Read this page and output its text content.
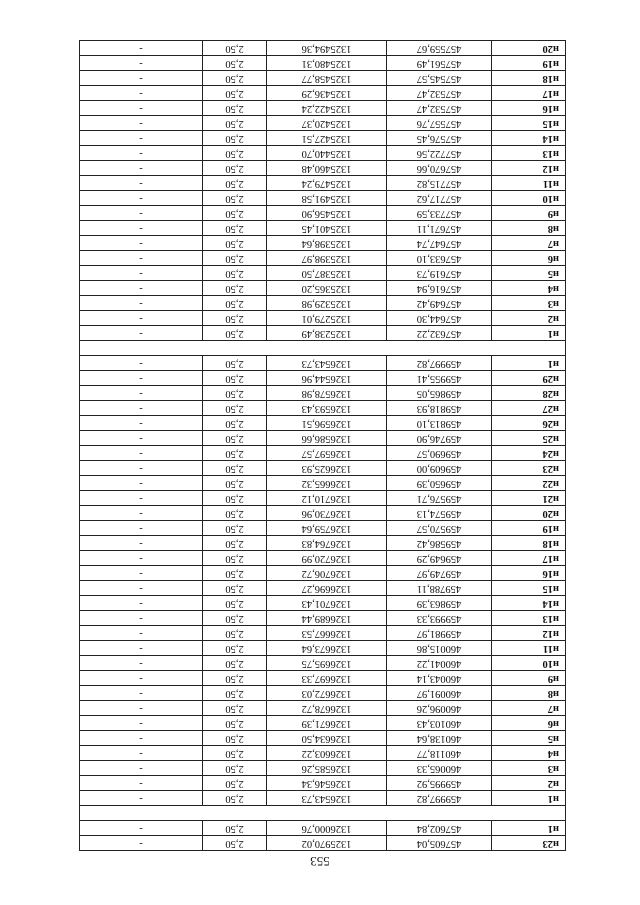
553
н23	457605,04	1325970,02	2,50	-
н1	457602,84	1326000,76	2,50	-

н1	459997,82	1326543,73	2,50	-
н2	459995,92	1326546,34	2,50	-
н3	460065,33	1326585,26	2,50	-
н4	460118,77	1326603,22	2,50	-
н5	460138,64	1326634,50	2,50	-
н6	460103,43	1326671,39	2,50	-
н7	460096,26	1326678,72	2,50	-
н8	460091,97	1326672,03	2,50	-
н9	460043,14	1326697,33	2,50	-
н10	460041,22	1326695,75	2,50	-
н11	460015,86	1326673,64	2,50	-
н12	459981,97	1326667,53	2,50	-
н13	459993,33	1326689,44	2,50	-
н14	459863,39	1326701,43	2,50	-
н15	459788,11	1326696,27	2,50	-
н16	459749,97	1326706,72	2,50	-
н17	459649,29	1326720,99	2,50	-
н18	459586,42	1326764,83	2,50	-
н19	459570,57	1326759,64	2,50	-
н20	459574,13	1326730,96	2,50	-
н21	459576,71	1326710,12	2,50	-
н22	459650,39	1326665,32	2,50	-
н23	459609,00	1326625,93	2,50	-
н24	459690,57	1326597,57	2,50	-
н25	459746,90	1326586,66	2,50	-
н26	459813,10	1326596,51	2,50	-
н27	459818,93	1326593,43	2,50	-
н28	459865,05	1326578,98	2,50	-
н29	459955,41	1326544,96	2,50	-
н1	459997,82	1326543,73	2,50	-

н1	457632,22	1325238,49	2,50	-
н2	457644,30	1325279,01	2,50	-
н3	457649,42	1325329,98	2,50	-
н4	457616,94	1325365,20	2,50	-
н5	457619,73	1325387,50	2,50	-
н6	457633,10	1325398,97	2,50	-
н7	457647,74	1325398,64	2,50	-
н8	457671,11	1325401,45	2,50	-
н9	457733,59	1325456,90	2,50	-
н10	457717,62	1325491,58	2,50	-
н11	457715,82	1325479,24	2,50	-
н12	457670,66	1325460,48	2,50	-
н13	457722,56	1325440,70	2,50	-
н14	457576,45	1325427,51	2,50	-
н15	457557,76	1325420,37	2,50	-
н16	457532,47	1325422,24	2,50	-
н17	457532,47	1325436,29	2,50	-
н18	457545,57	1325458,77	2,50	-
н19	457561,49	1325480,31	2,50	-
н20	457559,67	1325494,36	2,50	-
